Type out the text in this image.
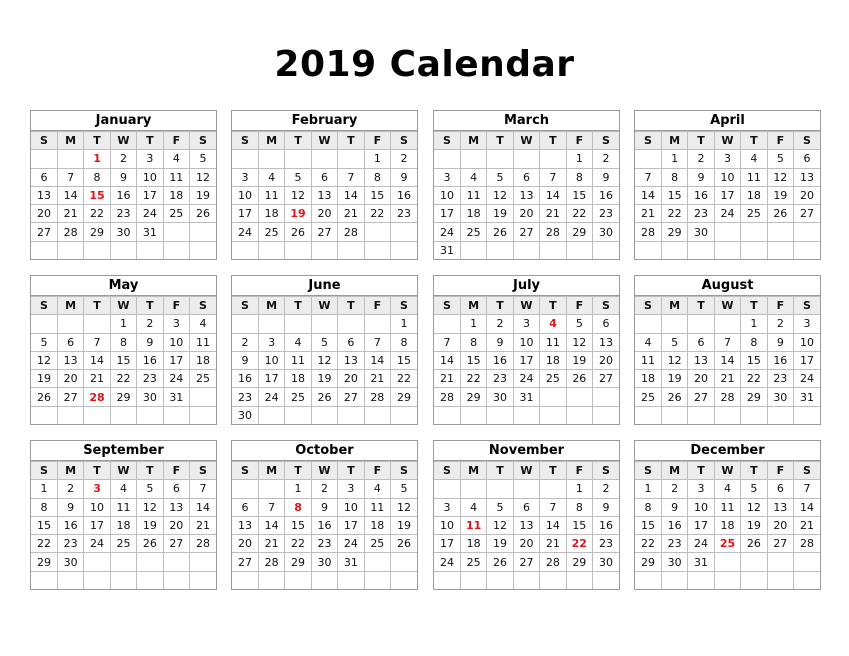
2019 Calendar
January
S	M	T	W	T	F	S
		1	2	3	4	5
6	7	8	9	10	11	12
13	14	15	16	17	18	19
20	21	22	23	24	25	26
27	28	29	30	31		

February
S	M	T	W	T	F	S
					1	2
3	4	5	6	7	8	9
10	11	12	13	14	15	16
17	18	19	20	21	22	23
24	25	26	27	28		

March
S	M	T	W	T	F	S
					1	2
3	4	5	6	7	8	9
10	11	12	13	14	15	16
17	18	19	20	21	22	23
24	25	26	27	28	29	30
31						
April
S	M	T	W	T	F	S
	1	2	3	4	5	6
7	8	9	10	11	12	13
14	15	16	17	18	19	20
21	22	23	24	25	26	27
28	29	30				

May
S	M	T	W	T	F	S
			1	2	3	4
5	6	7	8	9	10	11
12	13	14	15	16	17	18
19	20	21	22	23	24	25
26	27	28	29	30	31	

June
S	M	T	W	T	F	S
						1
2	3	4	5	6	7	8
9	10	11	12	13	14	15
16	17	18	19	20	21	22
23	24	25	26	27	28	29
30						
July
S	M	T	W	T	F	S
	1	2	3	4	5	6
7	8	9	10	11	12	13
14	15	16	17	18	19	20
21	22	23	24	25	26	27
28	29	30	31			

August
S	M	T	W	T	F	S
				1	2	3
4	5	6	7	8	9	10
11	12	13	14	15	16	17
18	19	20	21	22	23	24
25	26	27	28	29	30	31

September
S	M	T	W	T	F	S
1	2	3	4	5	6	7
8	9	10	11	12	13	14
15	16	17	18	19	20	21
22	23	24	25	26	27	28
29	30					

October
S	M	T	W	T	F	S
		1	2	3	4	5
6	7	8	9	10	11	12
13	14	15	16	17	18	19
20	21	22	23	24	25	26
27	28	29	30	31		

November
S	M	T	W	T	F	S
					1	2
3	4	5	6	7	8	9
10	11	12	13	14	15	16
17	18	19	20	21	22	23
24	25	26	27	28	29	30

December
S	M	T	W	T	F	S
1	2	3	4	5	6	7
8	9	10	11	12	13	14
15	16	17	18	19	20	21
22	23	24	25	26	27	28
29	30	31				
